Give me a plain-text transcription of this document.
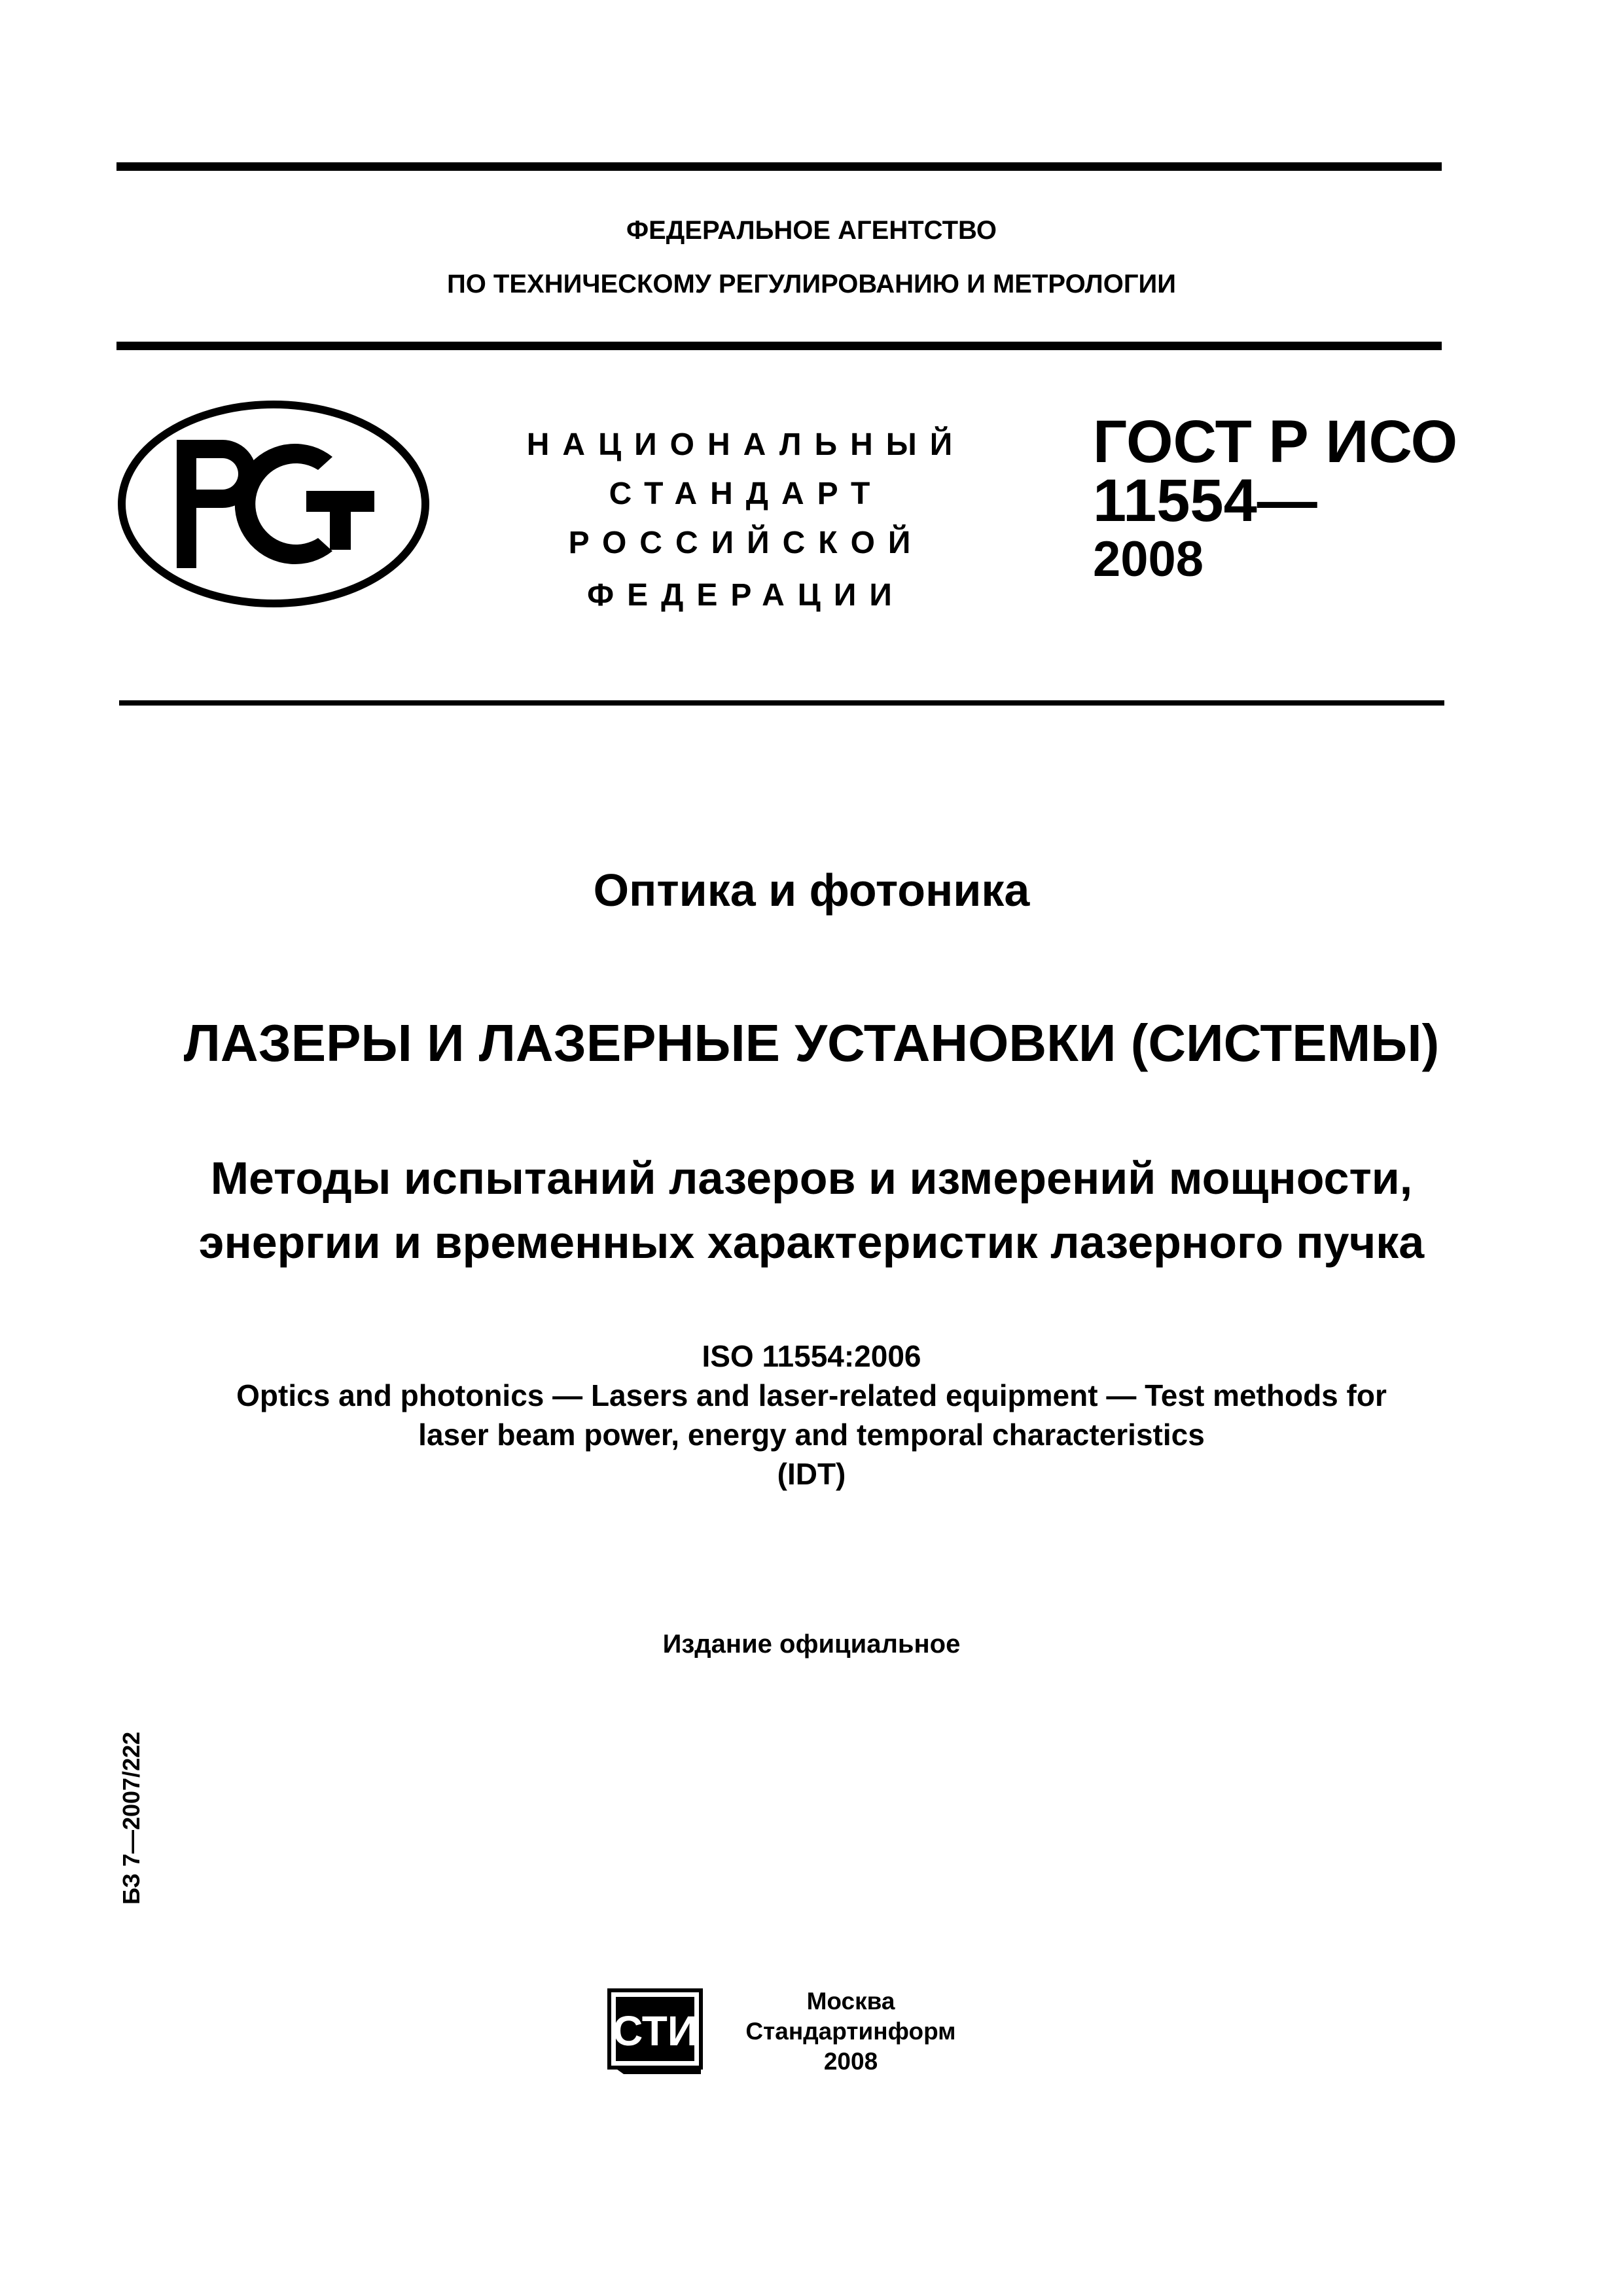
ФЕДЕРАЛЬНОЕ АГЕНТСТВО
ПО ТЕХНИЧЕСКОМУ РЕГУЛИРОВАНИЮ И МЕТРОЛОГИИ
НАЦИОНАЛЬНЫЙ
СТАНДАРТ
РОССИЙСКОЙ
ФЕДЕРАЦИИ
ГОСТ Р ИСО
11554—
2008
Оптика и фотоника
ЛАЗЕРЫ И ЛАЗЕРНЫЕ УСТАНОВКИ (СИСТЕМЫ)
Методы испытаний лазеров и измерений мощности,
энергии и временных характеристик лазерного пучка
ISO 11554:2006
Optics and photonics — Lasers and laser-related equipment — Test methods for
laser beam power, energy and temporal characteristics
(IDT)
Издание официальное
БЗ 7—2007/222
СТИ
Москва
Стандартинформ
2008
